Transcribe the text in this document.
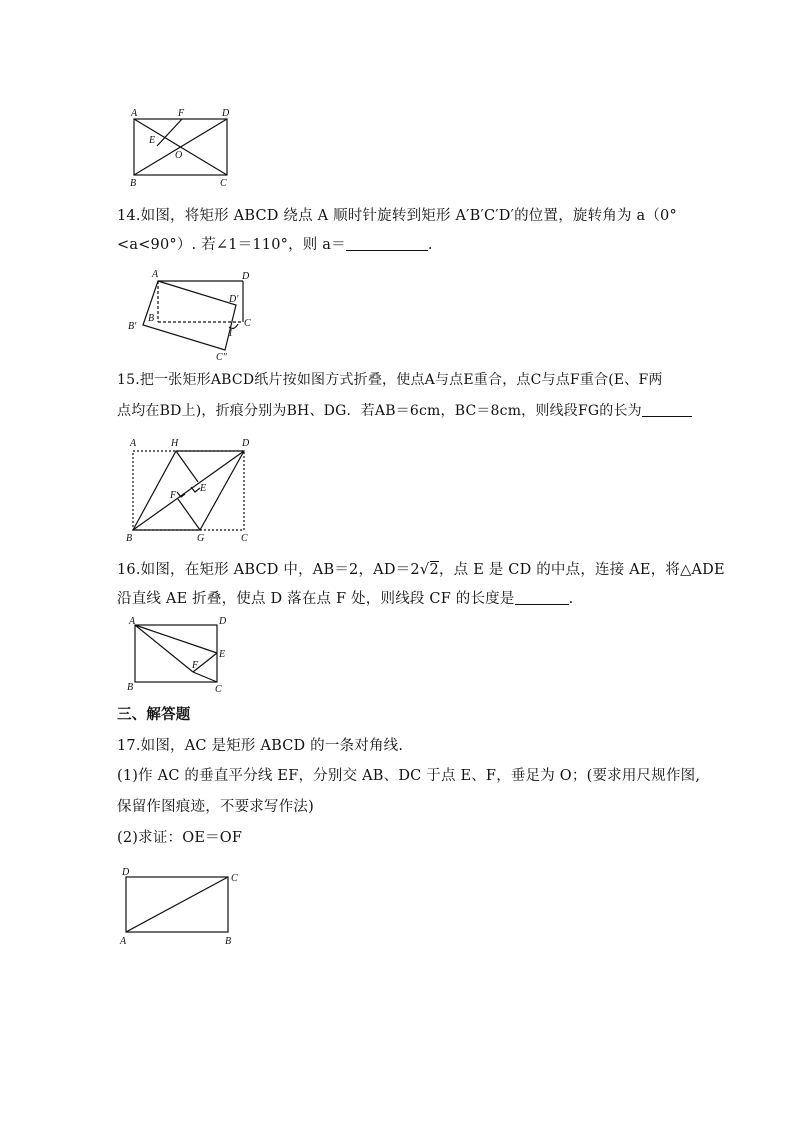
A	F	D
E
O
B	C
14.如图，将矩形 ABCD 绕点 A 顺时针旋转到矩形 A′B′C′D′的位置，旋转角为 a（0°
<a<90°）. 若∠1＝110°，则 a＝	.
A	D
D′
B	C
B′
1
C″
15.把一张矩形ABCD纸片按如图方式折叠，使点A与点E重合，点C与点F重合(E、F两
点均在BD上)，折痕分别为BH、DG．若AB＝6cm，BC＝8cm，则线段FG的长为
A	H	D
E
F
B	G	C
16.如图，在矩形 ABCD 中，AB＝2，AD＝2√2，点 E 是 CD 的中点，连接 AE，将△ADE
沿直线 AE 折叠，使点 D 落在点 F 处，则线段 CF 的长度是	.
A	D
E
F
B	C
三、解答题
17.如图，AC 是矩形 ABCD 的一条对角线.
(1)作 AC 的垂直平分线 EF，分别交 AB、DC 于点 E、F，垂足为 O；(要求用尺规作图,
保留作图痕迹，不要求写作法)
(2)求证：OE＝OF
D
C
A	B
